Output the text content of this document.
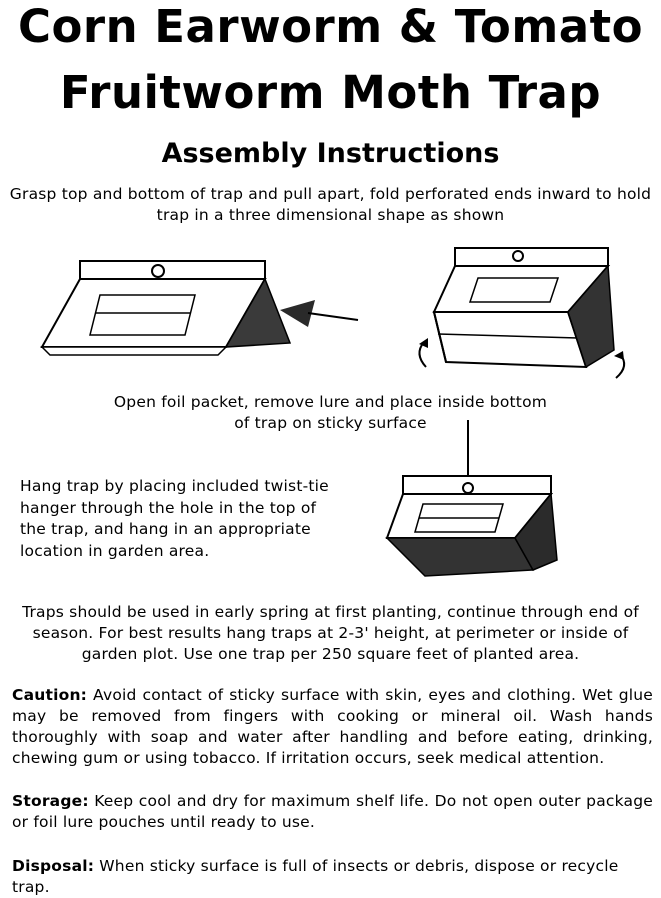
Corn Earworm & Tomato
Fruitworm Moth Trap
Assembly Instructions
Grasp top and bottom of trap and pull apart, fold perforated ends inward to hold trap in a three dimensional shape as shown
Open foil packet, remove lure and place inside bottom
of trap on sticky surface
Hang trap by placing included twist-tie
hanger through the hole in the top of
the trap, and hang in an appropriate
location in garden area.
Traps should be used in early spring at first planting, continue through end of season. For best results hang traps at 2-3' height, at perimeter or inside of garden plot. Use one trap per 250 square feet of planted area.
Caution: Avoid contact of sticky surface with skin, eyes and clothing. Wet glue may be removed from fingers with cooking or mineral oil. Wash hands thoroughly with soap and water after handling and before eating, drinking, chewing gum or using tobacco. If irritation occurs, seek medical attention.
Storage: Keep cool and dry for maximum shelf life. Do not open outer package or foil lure pouches until ready to use.
Disposal: When sticky surface is full of insects or debris, dispose or recycle trap.
